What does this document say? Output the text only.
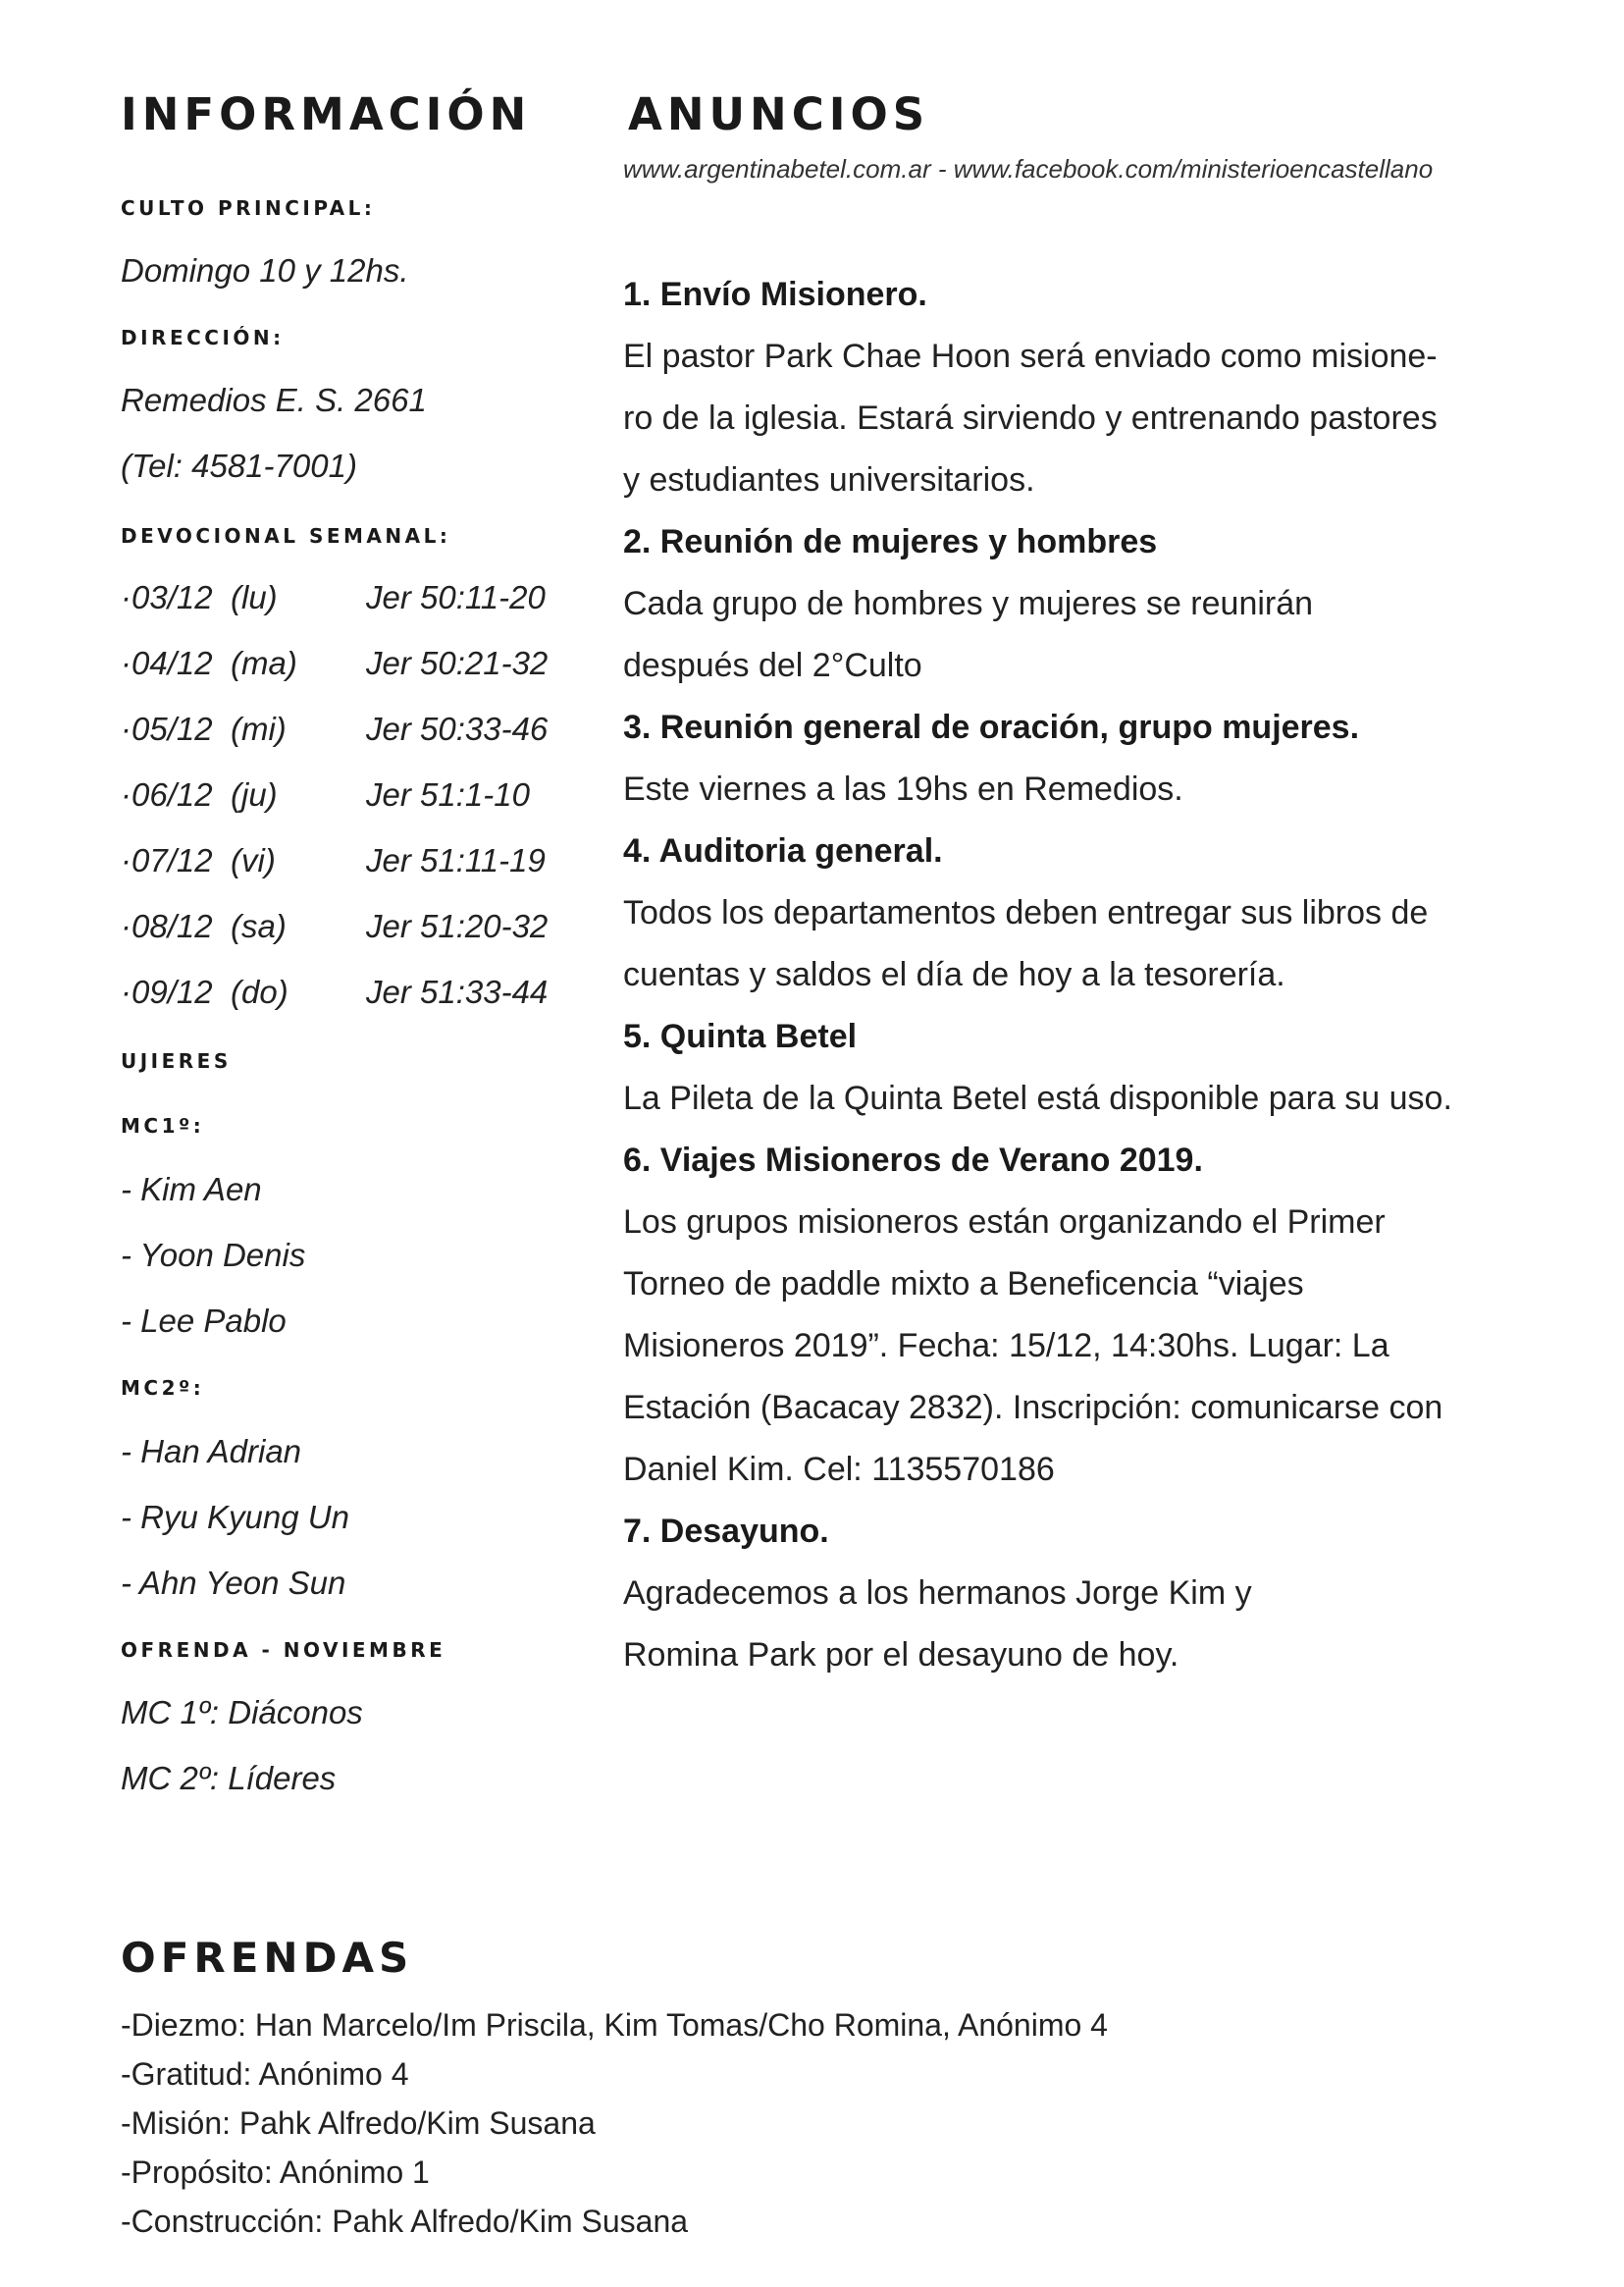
INFORMACIÓN
CULTO PRINCIPAL:

Domingo 10 y 12hs.

DIRECCIÓN:

Remedios E. S. 2661

(Tel: 4581-7001)

DEVOCIONAL SEMANAL:
·03/12 (lu)	Jer 50:11-20
·04/12 (ma) Jer 50:21-32
·05/12 (mi) Jer 50:33-46
·06/12 (ju)	Jer 51:1-10
·07/12 (vi)	Jer 51:11-19
·08/12 (sa) Jer 51:20-32
·09/12 (do) Jer 51:33-44
UJIERES
MC1º:

- Kim Aen

- Yoon Denis

- Lee Pablo

MC2º:

- Han Adrian

- Ryu Kyung Un

- Ahn Yeon Sun

OFRENDA - NOVIEMBRE

MC 1º: Diáconos

MC 2º: Líderes

ANUNCIOS

www.argentinabetel.com.ar - www.facebook.com/ministerioencastellano

1. Envío Misionero.

El pastor Park Chae Hoon será enviado como misione-

ro de la iglesia. Estará sirviendo y entrenando pastores

y estudiantes universitarios.

2. Reunión de mujeres y hombres

Cada grupo de hombres y mujeres se reunirán

después del 2°Culto

3. Reunión general de oración, grupo mujeres.

Este viernes a las 19hs en Remedios.

4. Auditoria general.

Todos los departamentos deben entregar sus libros de

cuentas y saldos el día de hoy a la tesorería.

5. Quinta Betel

La Pileta de la Quinta Betel está disponible para su uso.

6. Viajes Misioneros de Verano 2019.

Los grupos misioneros están organizando el Primer

Torneo de paddle mixto a Beneficencia “viajes

Misioneros 2019”. Fecha: 15/12, 14:30hs. Lugar: La

Estación (Bacacay 2832). Inscripción: comunicarse con

Daniel Kim. Cel: 1135570186

7. Desayuno.

Agradecemos a los hermanos Jorge Kim y

Romina Park por el desayuno de hoy.

OFRENDAS

-Diezmo: Han Marcelo/Im Priscila, Kim Tomas/Cho Romina, Anónimo 4

-Gratitud: Anónimo 4

-Misión: Pahk Alfredo/Kim Susana

-Propósito: Anónimo 1

-Construcción: Pahk Alfredo/Kim Susana
